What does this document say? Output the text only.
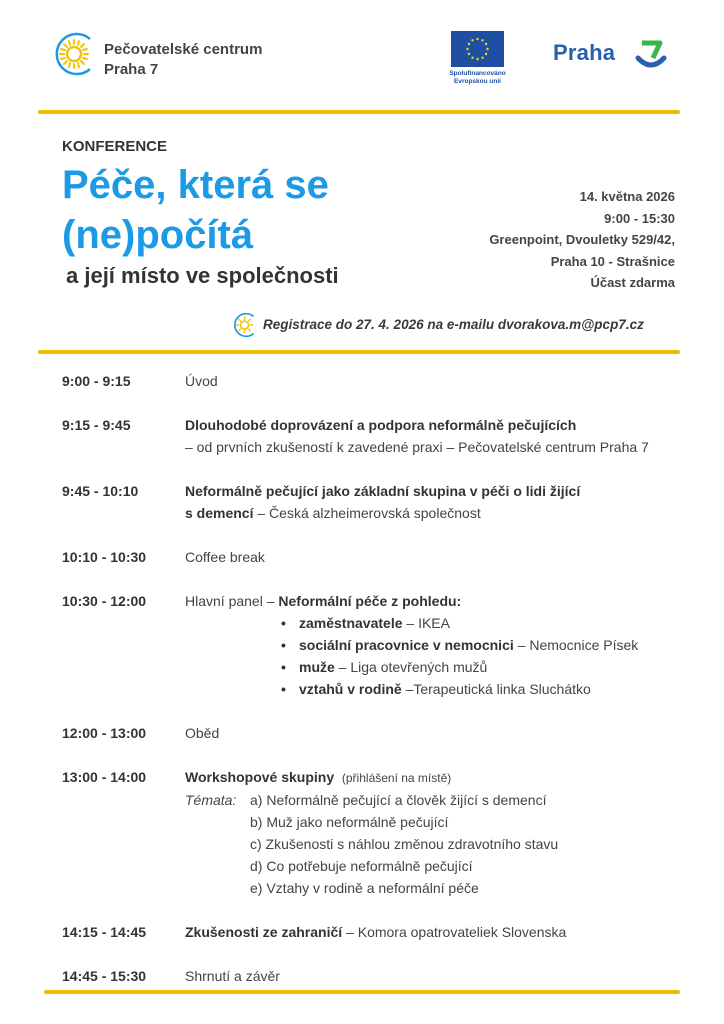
Pečovatelské centrum
Praha 7	Spolufinancováno
Evropskou unií
Praha
KONFERENCE
Péče, která se
(ne)počítá
a její místo ve společnosti
14. května 2026
9:00 - 15:30
Greenpoint, Dvouletky 529/42,
Praha 10 - Strašnice
Účast zdarma
Registrace do 27. 4. 2026 na e-mailu dvorakova.m@pcp7.cz
9:00 - 9:15	Úvod
9:15 - 9:45	Dlouhodobé doprovázení a podpora neformálně pečujících
– od prvních zkušeností k zavedené praxi – Pečovatelské centrum Praha 7
9:45 - 10:10	Neformálně pečující jako základní skupina v péči o lidi žijící
s demencí – Česká alzheimerovská společnost
10:10 - 10:30	Coffee break
10:30 - 12:00	Hlavní panel – Neformální péče z pohledu:
• zaměstnavatele – IKEA
• sociální pracovnice v nemocnici – Nemocnice Písek
• muže – Liga otevřených mužů
• vztahů v rodině –Terapeutická linka Sluchátko
12:00 - 13:00	Oběd
13:00 - 14:00	Workshopové skupiny (přihlášení na místě)
Témata: a) Neformálně pečující a člověk žijící s demencí
b) Muž jako neformálně pečující
c) Zkušenosti s náhlou změnou zdravotního stavu
d) Co potřebuje neformálně pečující
e) Vztahy v rodině a neformální péče
14:15 - 14:45	Zkušenosti ze zahraničí – Komora opatrovateliek Slovenska
14:45 - 15:30	Shrnutí a závěr
